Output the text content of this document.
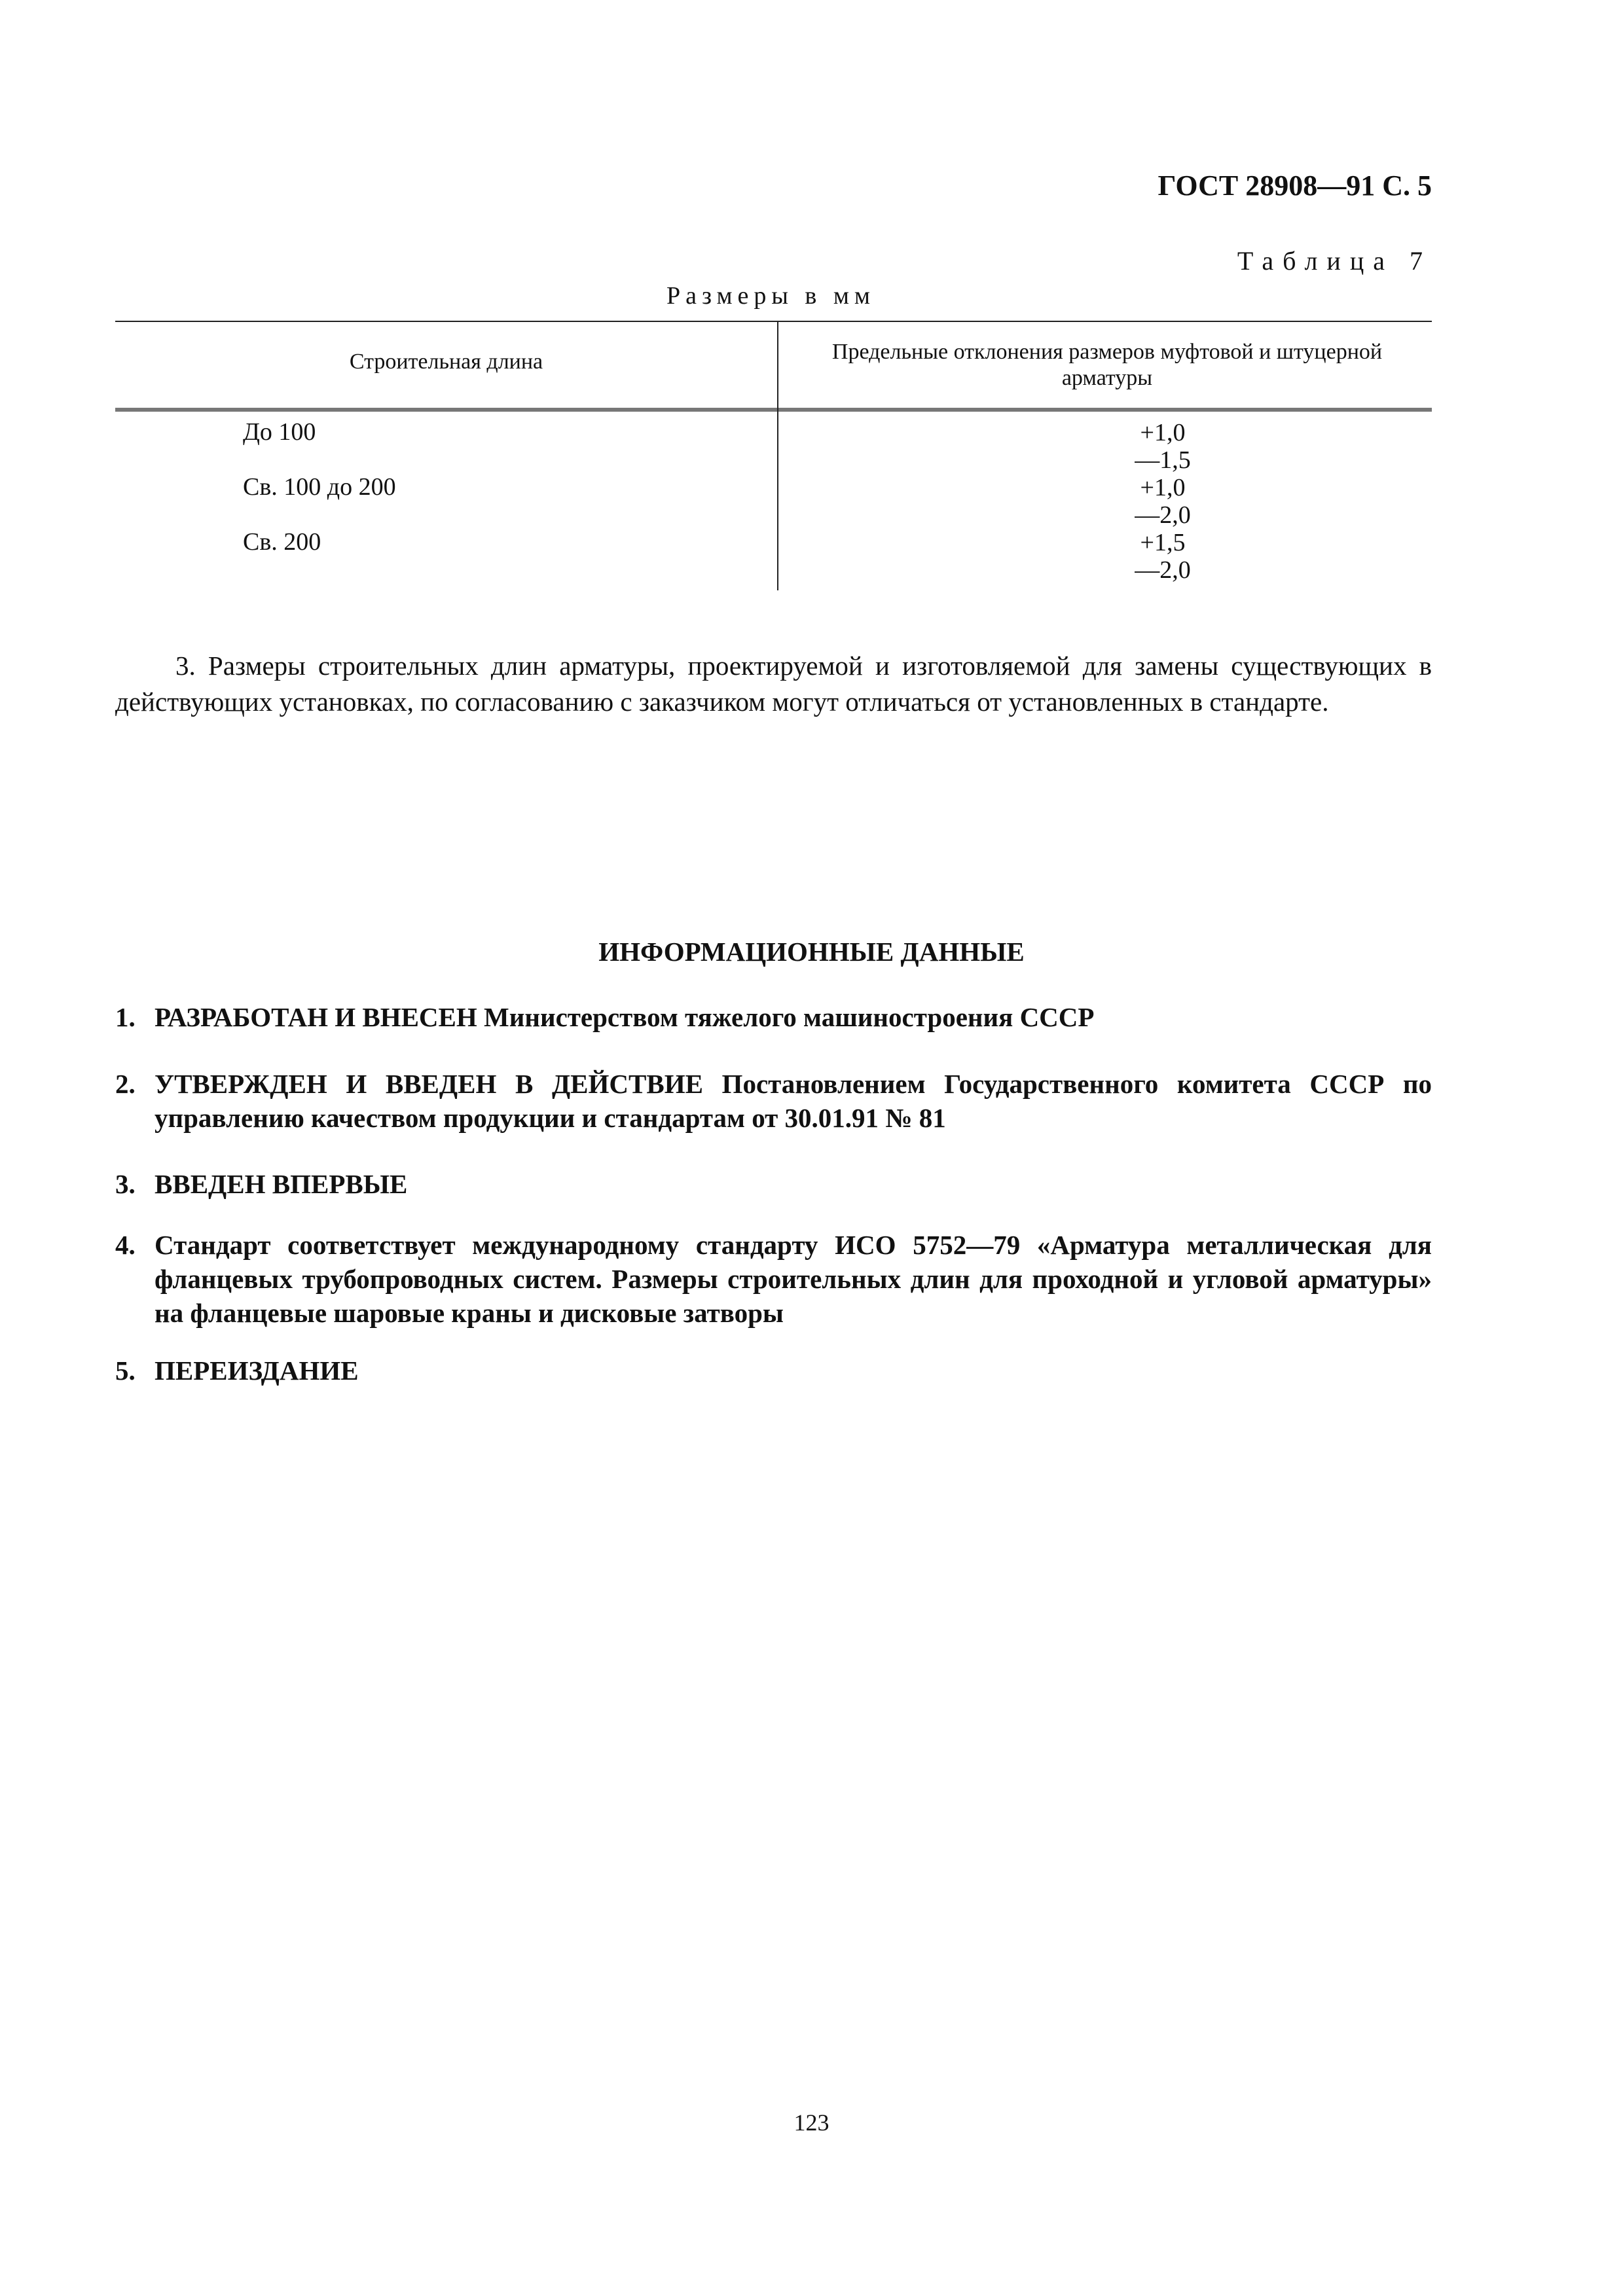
ГОСТ 28908—91 С. 5
Таблица 7
Размеры в мм
Строительная длина	Предельные отклонения размеров муфтовой и штуцерной арматуры
До 100	+1,0
—1,5
Св. 100 до 200	+1,0
—2,0
Св. 200	+1,5
—2,0
3. Размеры строительных длин арматуры, проектируемой и изготовляемой для замены существующих в действующих установках, по согласованию с заказчиком могут отличаться от установленных в стандарте.
ИНФОРМАЦИОННЫЕ ДАННЫЕ
1. РАЗРАБОТАН И ВНЕСЕН Министерством тяжелого машиностроения СССР
2. УТВЕРЖДЕН И ВВЕДЕН В ДЕЙСТВИЕ Постановлением Государственного комитета СССР по управлению качеством продукции и стандартам от 30.01.91 № 81
3. ВВЕДЕН ВПЕРВЫЕ
4. Стандарт соответствует международному стандарту ИСО 5752—79 «Арматура металлическая для фланцевых трубопроводных систем. Размеры строительных длин для проходной и угловой арматуры» на фланцевые шаровые краны и дисковые затворы
5. ПЕРЕИЗДАНИЕ
123
